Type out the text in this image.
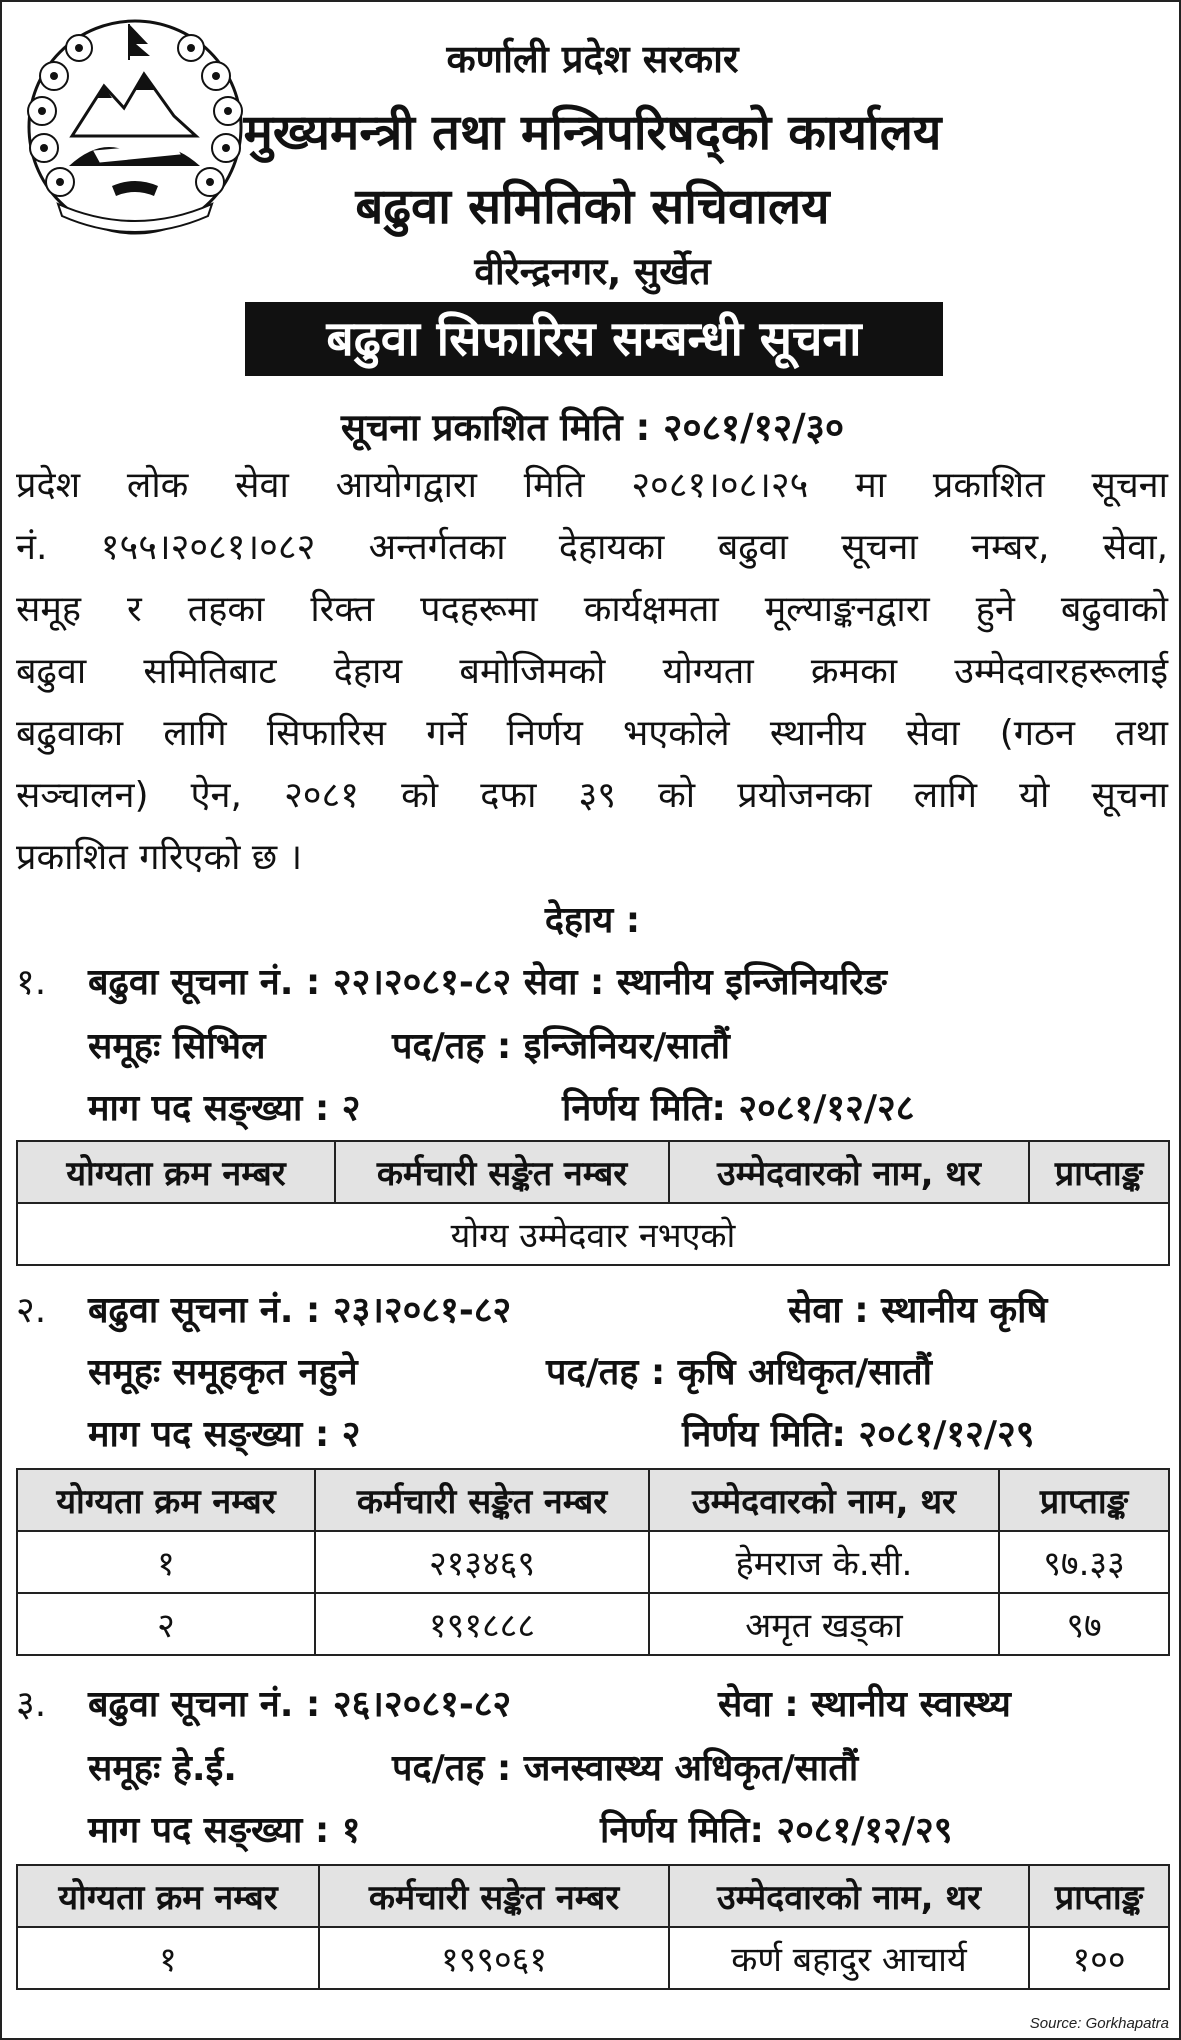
कर्णाली प्रदेश सरकार
मुख्यमन्त्री तथा मन्त्रिपरिषद्को कार्यालय
बढुवा समितिको सचिवालय
वीरेन्द्रनगर, सुर्खेत
बढुवा सिफारिस सम्बन्धी सूचना
सूचना प्रकाशित मिति : २०८१/१२/३०
प्रदेश लोक सेवा आयोगद्वारा मिति २०८१।०८।२५ मा प्रकाशित सूचना
नं. १५५।२०८१।०८२ अन्तर्गतका देहायका बढुवा सूचना नम्बर, सेवा,
समूह र तहका रिक्त पदहरूमा कार्यक्षमता मूल्याङ्कनद्वारा हुने बढुवाको
बढुवा समितिबाट देहाय बमोजिमको योग्यता क्रमका उम्मेदवारहरूलाई
बढुवाका लागि सिफारिस गर्ने निर्णय भएकोले स्थानीय सेवा (गठन तथा
सञ्चालन) ऐन, २०८१ को दफा ३९ को प्रयोजनका लागि यो सूचना
प्रकाशित गरिएको छ ।
देहाय :
१. बढुवा सूचना नं. : २२।२०८१-८२ सेवा : स्थानीय इन्जिनियरिङ
समूहः सिभिल	पद/तह : इन्जिनियर/सातौं
माग पद सङ्ख्या : २	निर्णय मिति: २०८१/१२/२८
योग्यता क्रम नम्बर	कर्मचारी सङ्केत नम्बर	उम्मेदवारको नाम, थर	प्राप्ताङ्क
योग्य उम्मेदवार नभएको
२. बढुवा सूचना नं. : २३।२०८१-८२	सेवा : स्थानीय कृषि
समूहः समूहकृत नहुने	पद/तह : कृषि अधिकृत/सातौं
माग पद सङ्ख्या : २	निर्णय मिति: २०८१/१२/२९
योग्यता क्रम नम्बर	कर्मचारी सङ्केत नम्बर	उम्मेदवारको नाम, थर	प्राप्ताङ्क
१	२१३४६९	हेमराज के.सी.	९७.३३
२	१९१८८८	अमृत खड्का	९७
३. बढुवा सूचना नं. : २६।२०८१-८२	सेवा : स्थानीय स्वास्थ्य
समूहः हे.ई.	पद/तह : जनस्वास्थ्य अधिकृत/सातौं
माग पद सङ्ख्या : १	निर्णय मिति: २०८१/१२/२९
योग्यता क्रम नम्बर	कर्मचारी सङ्केत नम्बर	उम्मेदवारको नाम, थर	प्राप्ताङ्क
१	१९९०६१	कर्ण बहादुर आचार्य	१००
Source: Gorkhapatra
